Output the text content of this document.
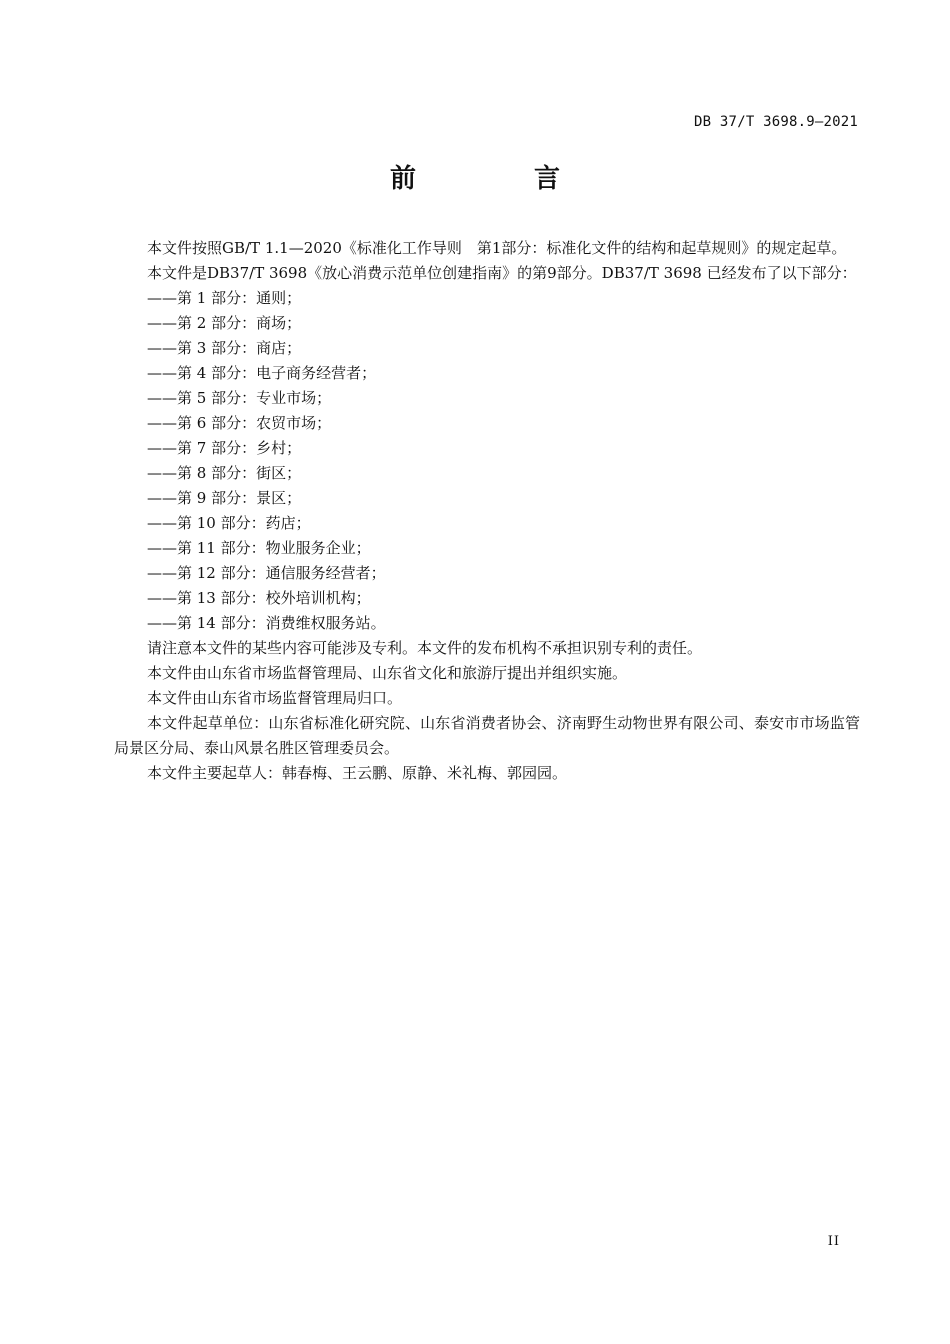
DB 37/T 3698.9—2021
前　言

本文件按照GB/T 1.1—2020《标准化工作导则　第1部分：标准化文件的结构和起草规则》的规定起草。

本文件是DB37/T 3698《放心消费示范单位创建指南》的第9部分。DB37/T 3698 已经发布了以下部分：

——第 1 部分：通则；

——第 2 部分：商场；

——第 3 部分：商店；

——第 4 部分：电子商务经营者；

——第 5 部分：专业市场；

——第 6 部分：农贸市场；

——第 7 部分：乡村；

——第 8 部分：街区；

——第 9 部分：景区；

——第 10 部分：药店；

——第 11 部分：物业服务企业；

——第 12 部分：通信服务经营者；

——第 13 部分：校外培训机构；

——第 14 部分：消费维权服务站。

请注意本文件的某些内容可能涉及专利。本文件的发布机构不承担识别专利的责任。

本文件由山东省市场监督管理局、山东省文化和旅游厅提出并组织实施。

本文件由山东省市场监督管理局归口。

本文件起草单位：山东省标准化研究院、山东省消费者协会、济南野生动物世界有限公司、泰安市市场监管局景区分局、泰山风景名胜区管理委员会。

本文件主要起草人：韩春梅、王云鹏、原静、米礼梅、郭园园。

II
